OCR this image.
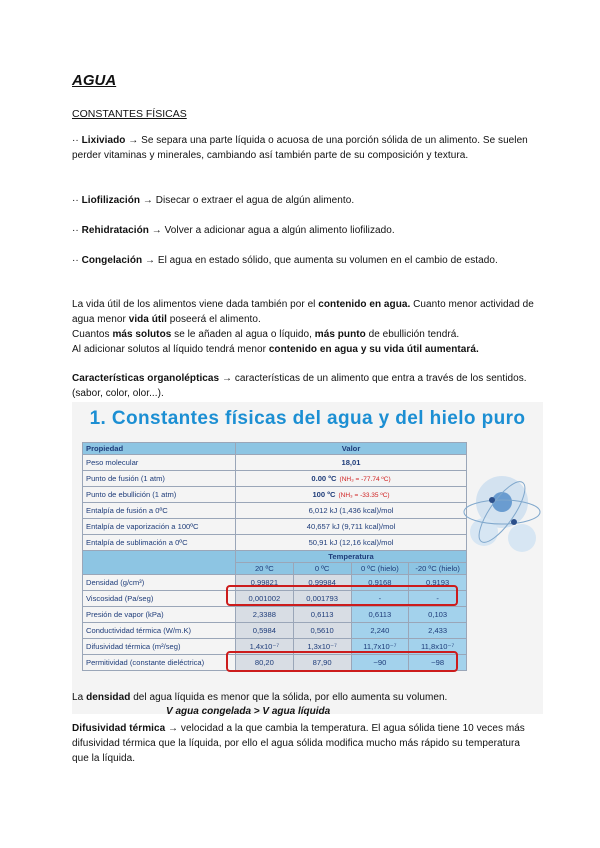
AGUA
CONSTANTES FÍSICAS

·· Lixiviado → Se separa una parte líquida o acuosa de una porción sólida de un alimento. Se suelen perder vitaminas y minerales, cambiando así también parte de su composición y textura.

·· Liofilización → Disecar o extraer el agua de algún alimento.

·· Rehidratación → Volver a adicionar agua a algún alimento liofilizado.

·· Congelación → El agua en estado sólido, que aumenta su volumen en el cambio de estado.

La vida útil de los alimentos viene dada también por el contenido en agua. Cuanto menor actividad de agua menor vida útil poseerá el alimento.
Cuantos más solutos se le añaden al agua o líquido, más punto de ebullición tendrá.
Al adicionar solutos al líquido tendrá menor contenido en agua y su vida útil aumentará.

Características organolépticas → características de un alimento que entra a través de los sentidos. (sabor, color, olor...).

1. Constantes físicas del agua y del hielo puro
Propiedad	Valor			
Peso molecular	18,01			
Punto de fusión (1 atm)	0.00 ºC (NH₃ = -77.74 ºC)			
Punto de ebullición (1 atm)	100 ºC (NH₃ = -33.35 ºC)			
Entalpía de fusión a 0ºC	6,012 kJ (1,436 kcal)/mol			
Entalpía de vaporización a 100ºC	40,657 kJ (9,711 kcal)/mol			
Entalpía de sublimación a 0ºC	50,91 kJ (12,16 kcal)/mol			
	Temperatura			
	20 ºC	0 ºC	0 ºC (hielo)	-20 ºC (hielo)
Densidad (g/cm³)	0,99821	0,99984	0,9168	0,9193
Viscosidad (Pa/seg)	0,001002	0,001793	-	-
Presión de vapor (kPa)	2,3388	0,6113	0,6113	0,103
Conductividad térmica (W/m.K)	0,5984	0,5610	2,240	2,433
Difusividad térmica (m²/seg)	1,4x10⁻⁷	1,3x10⁻⁷	11,7x10⁻⁷	11,8x10⁻⁷
Permitividad (constante dieléctrica)	80,20	87,90	~90	~98

La densidad del agua líquida es menor que la sólida, por ello aumenta su volumen.

V agua congelada > V agua líquida

Difusividad térmica → velocidad a la que cambia la temperatura. El agua sólida tiene 10 veces más difusividad térmica que la líquida, por ello el agua sólida modifica mucho más rápido su temperatura que la líquida.
